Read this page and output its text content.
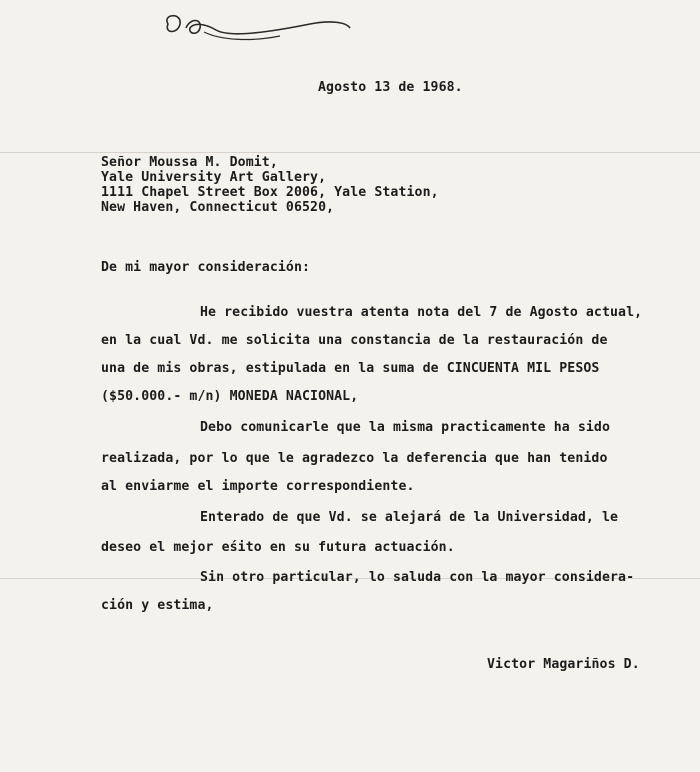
Agosto 13 de 1968.
Señor Moussa M. Domit,
Yale University Art Gallery,
1111 Chapel Street Box 2006, Yale Station,
New Haven, Connecticut 06520,
De mi mayor consideración:
He recibido vuestra atenta nota del 7 de Agosto actual,
en la cual Vd. me solicita una constancia de la restauración de
una de mis obras, estipulada en la suma de CINCUENTA MIL PESOS
($50.000.- m/n) MONEDA NACIONAL,
Debo comunicarle que la misma practicamente ha sido
realizada, por lo que le agradezco la deferencia que han tenido
al enviarme el importe correspondiente.
Enterado de que Vd. se alejará de la Universidad, le
deseo el mejor eśito en su futura actuación.
Sin otro particular, lo saluda con la mayor considera-
ción y estima,
Victor Magariños D.
